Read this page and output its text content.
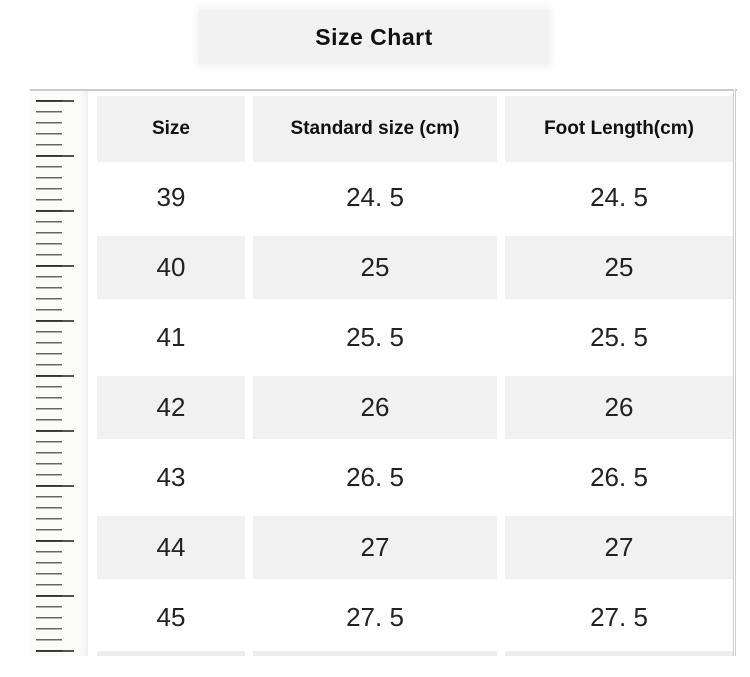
Size Chart
Size	Standard size (cm)	Foot Length(cm)
39	24. 5	24. 5
40	25	25
41	25. 5	25. 5
42	26	26
43	26. 5	26. 5
44	27	27
45	27. 5	27. 5
